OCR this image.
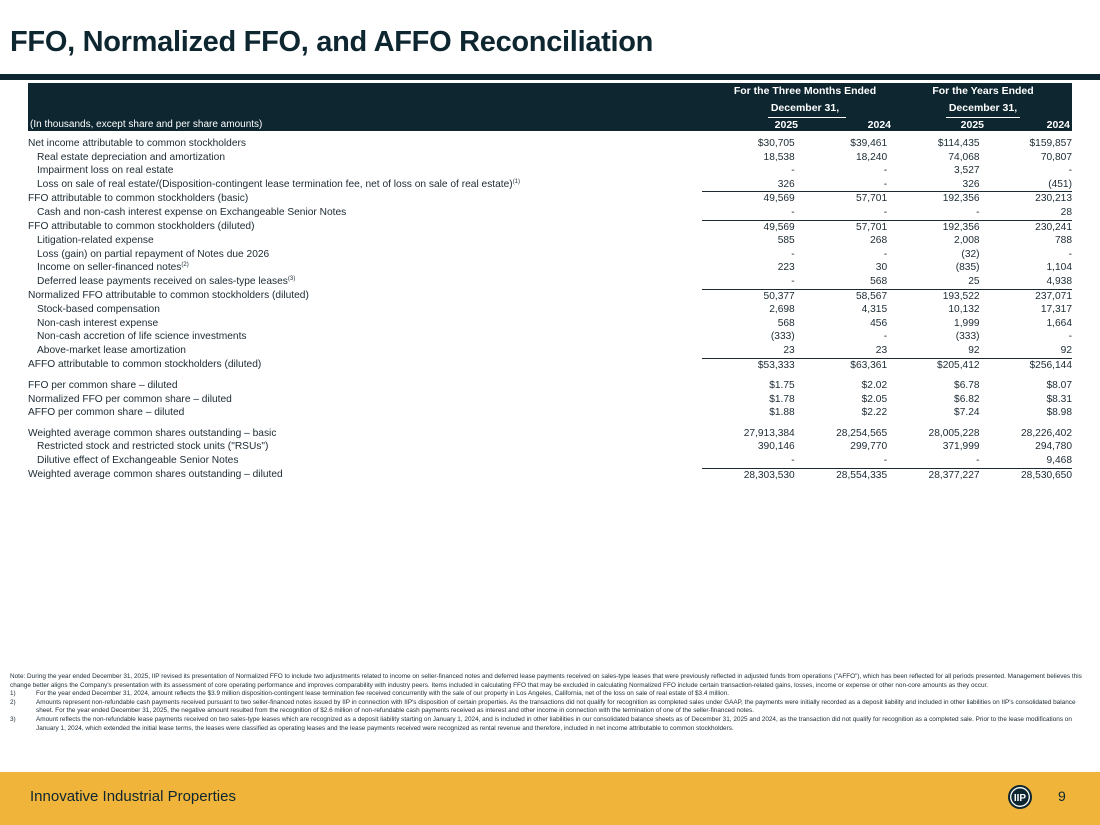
FFO, Normalized FFO, and AFFO Reconciliation
For the Three Months Ended
December 31,
For the Years Ended
December 31,
(In thousands, except share and per share amounts)	2025	2024	2025	2024
Net income attributable to common stockholders	$30,705	$39,461	$114,435	$159,857
Real estate depreciation and amortization	18,538	18,240	74,068	70,807
Impairment loss on real estate	-	-	3,527	-
Loss on sale of real estate/(Disposition-contingent lease termination fee, net of loss on sale of real estate)$^{(1)}$	326	-	326	(451)
FFO attributable to common stockholders (basic)	49,569	57,701	192,356	230,213
Cash and non-cash interest expense on Exchangeable Senior Notes	-	-	-	28
FFO attributable to common stockholders (diluted)	49,569	57,701	192,356	230,241
Litigation-related expense	585	268	2,008	788
Loss (gain) on partial repayment of Notes due 2026	-	-	(32)	-
Income on seller-financed notes$^{(2)}$	223	30	(835)	1,104
Deferred lease payments received on sales-type leases$^{(3)}$	-	568	25	4,938
Normalized FFO attributable to common stockholders (diluted)	50,377	58,567	193,522	237,071
Stock-based compensation	2,698	4,315	10,132	17,317
Non-cash interest expense	568	456	1,999	1,664
Non-cash accretion of life science investments	(333)	-	(333)	-
Above-market lease amortization	23	23	92	92
AFFO attributable to common stockholders (diluted)	$53,333	$63,361	$205,412	$256,144

FFO per common share – diluted	$1.75	$2.02	$6.78	$8.07
Normalized FFO per common share – diluted	$1.78	$2.05	$6.82	$8.31
AFFO per common share – diluted	$1.88	$2.22	$7.24	$8.98

Weighted average common shares outstanding – basic	27,913,384	28,254,565	28,005,228	28,226,402
Restricted stock and restricted stock units ("RSUs")	390,146	299,770	371,999	294,780
Dilutive effect of Exchangeable Senior Notes	-	-	-	9,468
Weighted average common shares outstanding – diluted	28,303,530	28,554,335	28,377,227	28,530,650

Note: During the year ended December 31, 2025, IIP revised its presentation of Normalized FFO to include two adjustments related to income on seller-financed notes and deferred lease payments received on sales-type leases that were previously reflected in adjusted funds from operations ("AFFO"), which has been reflected for all periods presented. Management believes this change better aligns the Company's presentation with its assessment of core operating performance and improves comparability with industry peers. Items included in calculating FFO that may be excluded in calculating Normalized FFO include certain transaction-related gains, losses, income or expense or other non-core amounts as they occur.

1)	For the year ended December 31, 2024, amount reflects the $3.9 million disposition-contingent lease termination fee received concurrently with the sale of our property in Los Angeles, California, net of the loss on sale of real estate of $3.4 million.
2)	Amounts represent non-refundable cash payments received pursuant to two seller-financed notes issued by IIP in connection with IIP's disposition of certain properties. As the transactions did not qualify for recognition as completed sales under GAAP, the payments were initially recorded as a deposit liability and included in other liabilities on IIP's consolidated balance sheet. For the year ended December 31, 2025, the negative amount resulted from the recognition of $2.6 million of non-refundable cash payments received as interest and other income in connection with the termination of one of the seller-financed notes.
3)	Amount reflects the non-refundable lease payments received on two sales-type leases which are recognized as a deposit liability starting on January 1, 2024, and is included in other liabilities in our consolidated balance sheets as of December 31, 2025 and 2024, as the transaction did not qualify for recognition as a completed sale. Prior to the lease modifications on January 1, 2024, which extended the initial lease terms, the leases were classified as operating leases and the lease payments received were recognized as rental revenue and therefore, included in net income attributable to common stockholders.
Innovative Industrial Properties	IIP 9
